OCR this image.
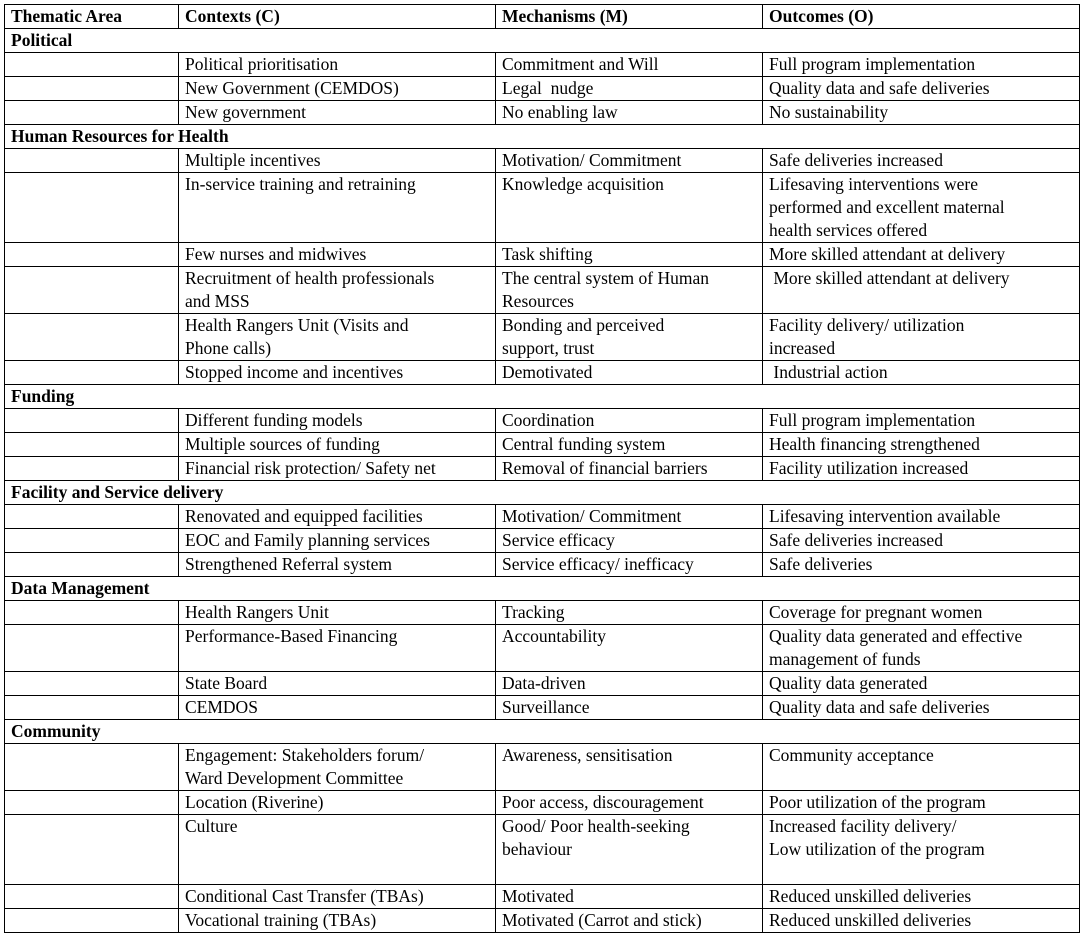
Thematic Area	Contexts (C)	Mechanisms (M)	Outcomes (O)
Political			

	Political prioritisation	Commitment and Will	Full program implementation

	New Government (CEMDOS)	Legal  nudge	Quality data and safe deliveries

	New government	No enabling law	No sustainability

Human Resources for Health			

	Multiple incentives	Motivation/ Commitment	Safe deliveries increased

	In-service training and retraining	Knowledge acquisition	Lifesaving interventions were
performed and excellent maternal
health services offered

	Few nurses and midwives	Task shifting	More skilled attendant at delivery

	Recruitment of health professionals
and MSS	The central system of Human
Resources	More skilled attendant at delivery

	Health Rangers Unit (Visits and
Phone calls)	Bonding and perceived
support, trust	Facility delivery/ utilization
increased

	Stopped income and incentives	Demotivated	Industrial action

Funding			

	Different funding models	Coordination	Full program implementation

	Multiple sources of funding	Central funding system	Health financing strengthened

	Financial risk protection/ Safety net	Removal of financial barriers	Facility utilization increased

Facility and Service delivery			

	Renovated and equipped facilities	Motivation/ Commitment	Lifesaving intervention available

	EOC and Family planning services	Service efficacy	Safe deliveries increased

	Strengthened Referral system	Service efficacy/ inefficacy	Safe deliveries

Data Management			

	Health Rangers Unit	Tracking	Coverage for pregnant women

	Performance-Based Financing	Accountability	Quality data generated and effective
management of funds

	State Board	Data-driven	Quality data generated

	CEMDOS	Surveillance	Quality data and safe deliveries

Community			

	Engagement: Stakeholders forum/
Ward Development Committee	Awareness, sensitisation	Community acceptance

	Location (Riverine)	Poor access, discouragement	Poor utilization of the program

	Culture	Good/ Poor health-seeking
behaviour	Increased facility delivery/
Low utilization of the program

	Conditional Cast Transfer (TBAs)	Motivated	Reduced unskilled deliveries

	Vocational training (TBAs)	Motivated (Carrot and stick)	Reduced unskilled deliveries
